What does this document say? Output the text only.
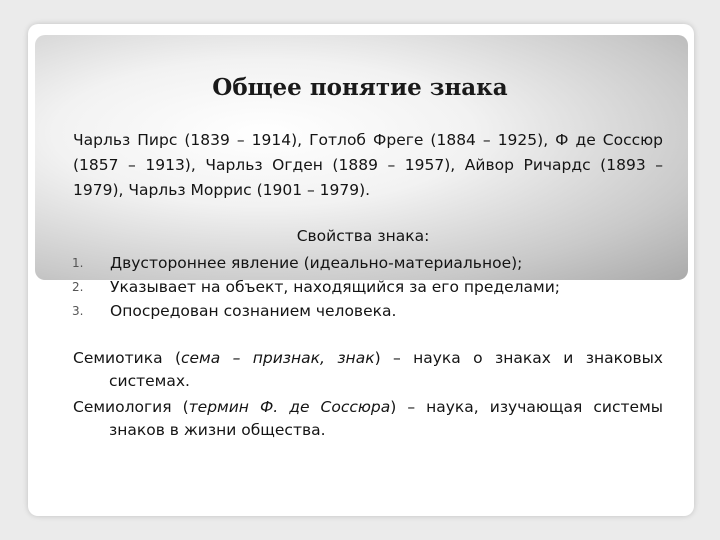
Общее понятие знака

Чарльз Пирс (1839 – 1914), Готлоб Фреге (1884 – 1925), Ф де Соссюр (1857 – 1913), Чарльз Огден (1889 – 1957), Айвор Ричардс (1893 – 1979), Чарльз Моррис (1901 – 1979).

Свойства знака:

1. Двустороннее явление (идеально-материальное);
2. Указывает на объект, находящийся за его пределами;
3. Опосредован сознанием человека.

Семиотика (сема – признак, знак) – наука о знаках и знаковых системах.

Семиология (термин Ф. де Соссюра) – наука, изучающая системы знаков в жизни общества.
